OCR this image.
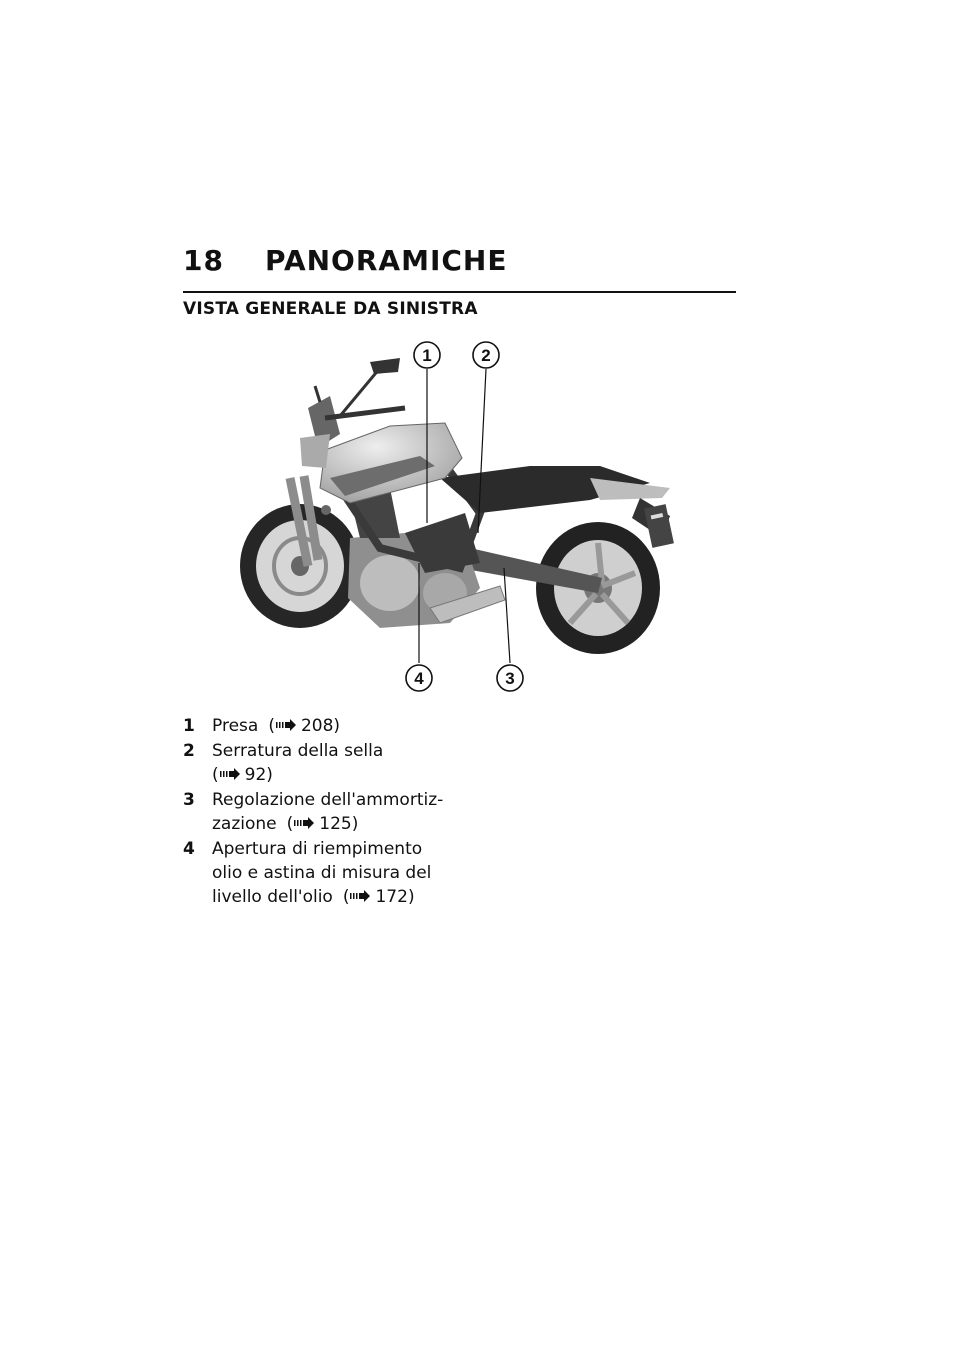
18	PANORAMICHE
VISTA GENERALE DA SINISTRA
1	2
3
4
1	Presa ( 208)
2	Serratura della sella
( 92)
3	Regolazione dell'ammortiz-
zazione ( 125)
4	Apertura di riempimento
olio e astina di misura del
livello dell'olio ( 172)
